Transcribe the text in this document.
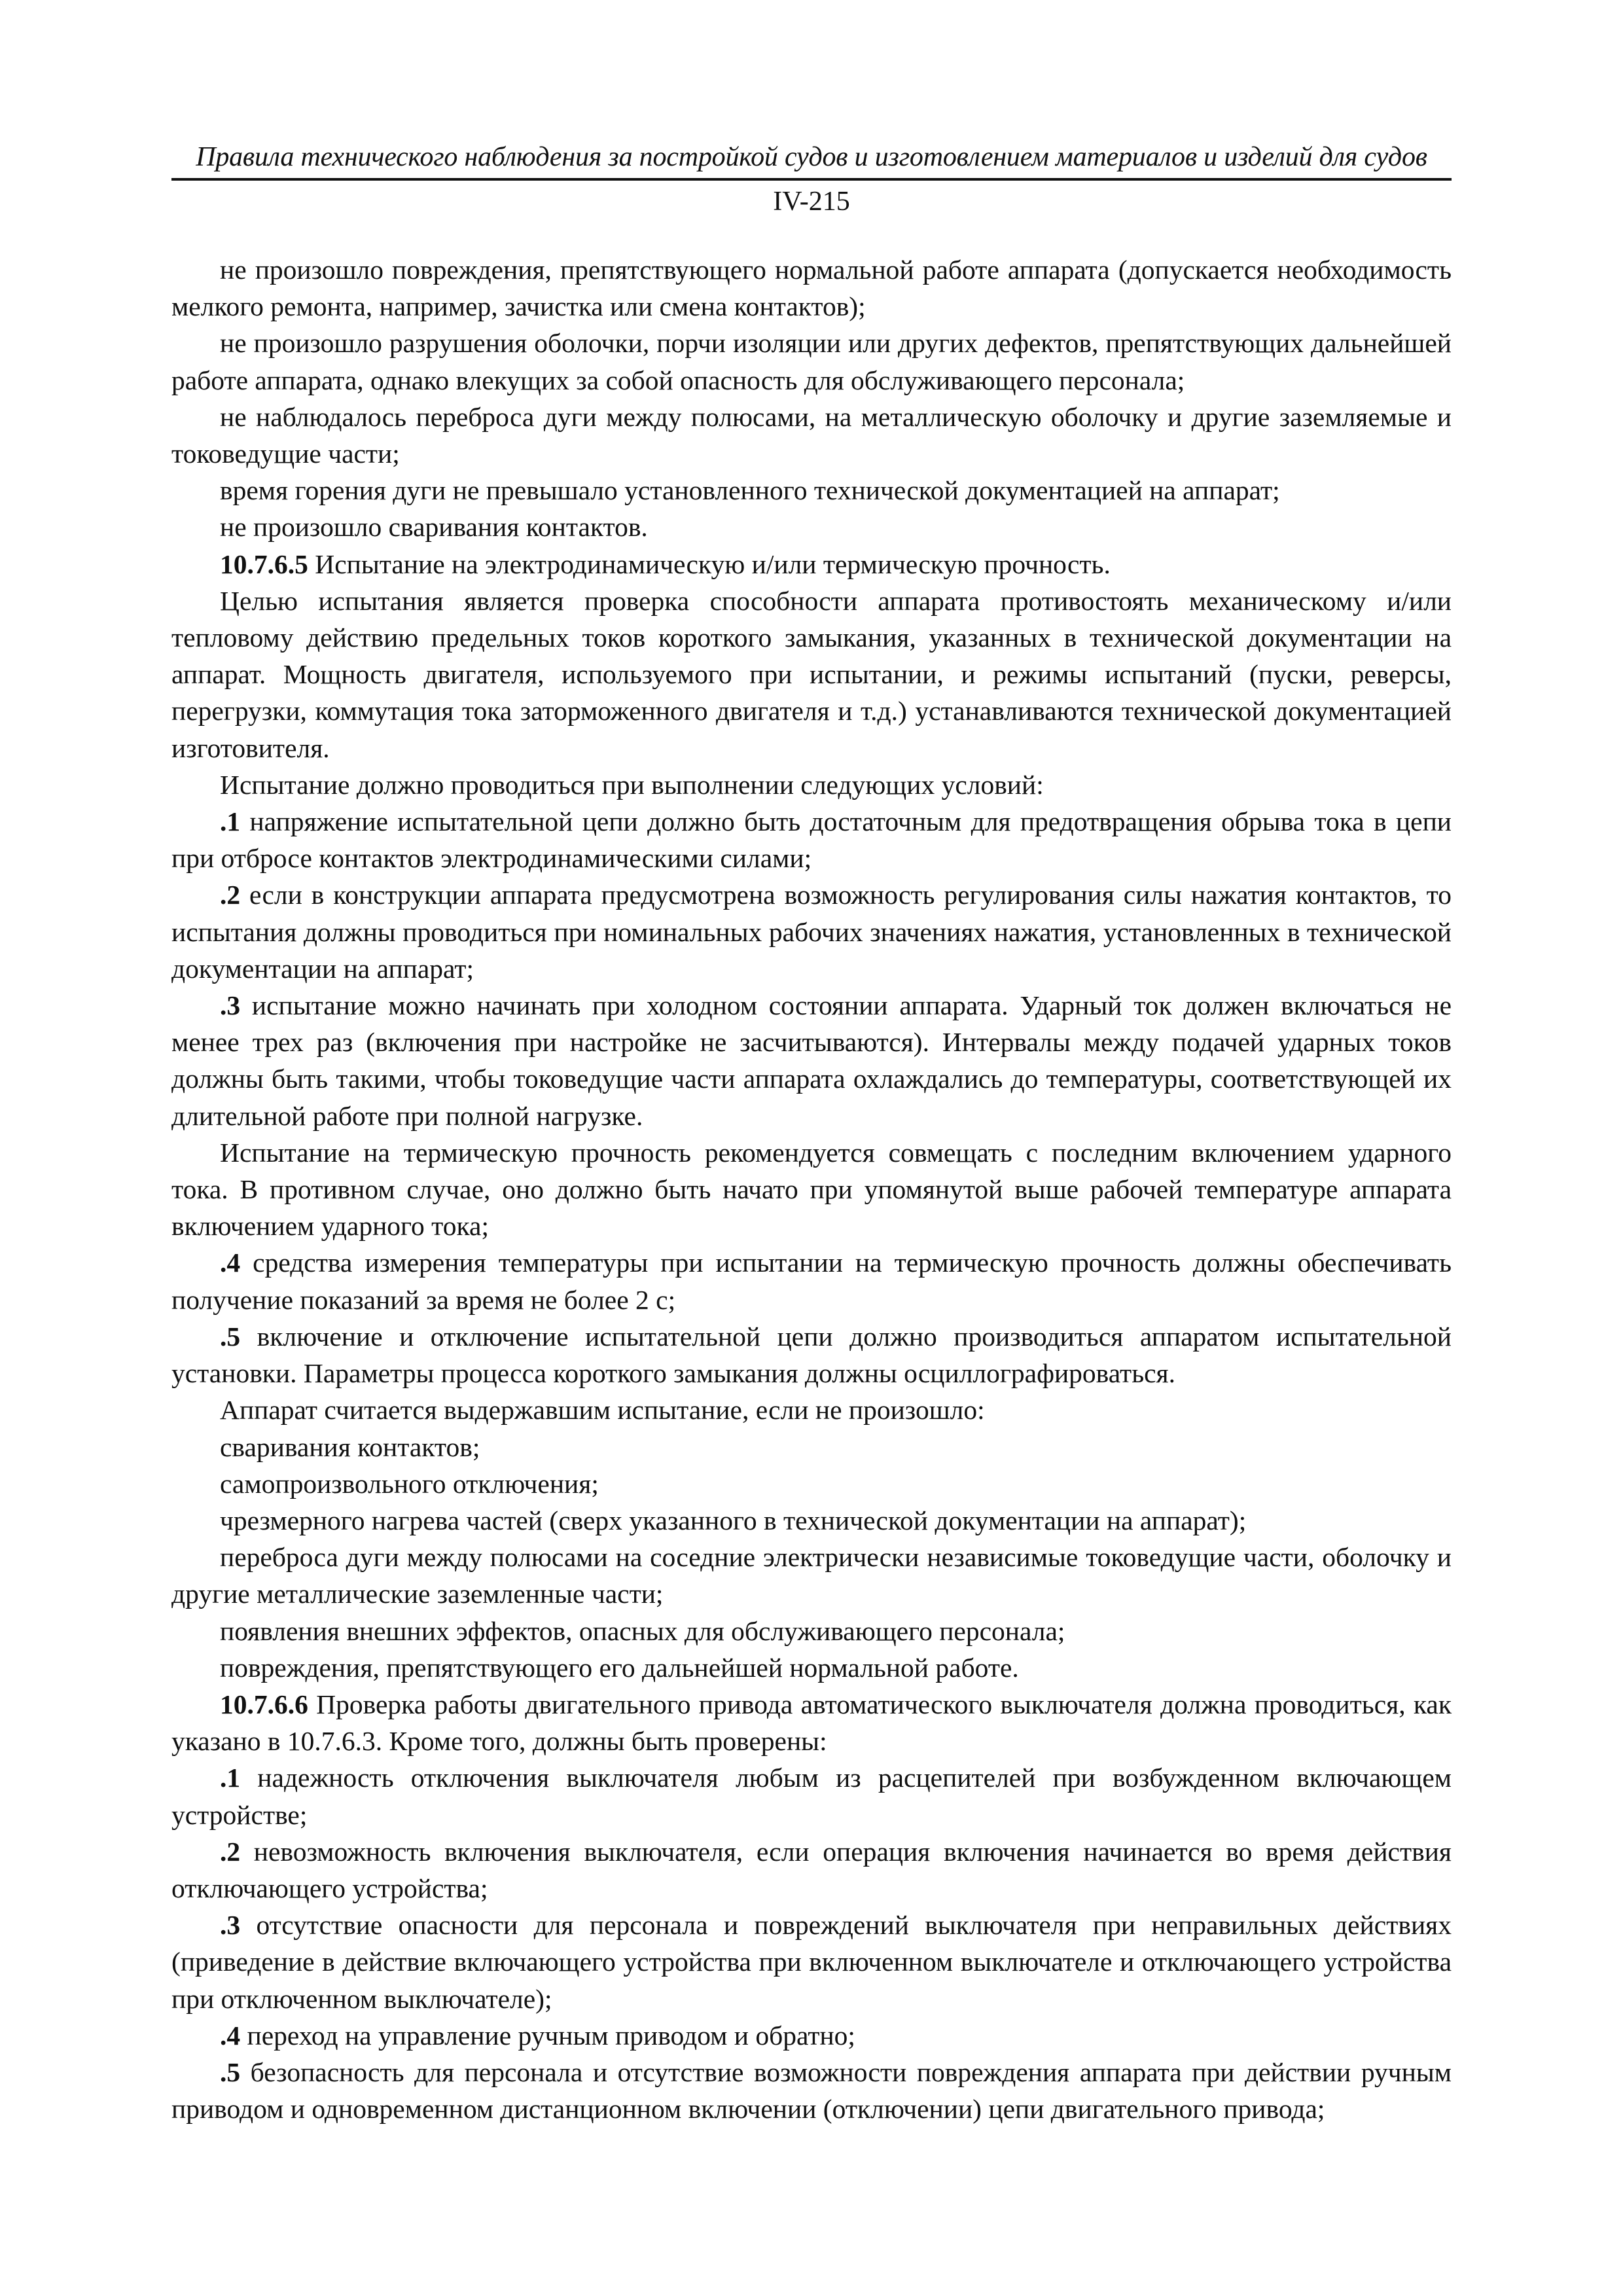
Правила технического наблюдения за постройкой судов и изготовлением материалов и изделий для судов
IV-215

не произошло повреждения, препятствующего нормальной работе аппарата (допускается необходимость мелкого ремонта, например, зачистка или смена контактов);

не произошло разрушения оболочки, порчи изоляции или других дефектов, препятствующих дальнейшей работе аппарата, однако влекущих за собой опасность для обслуживающего персонала;

не наблюдалось переброса дуги между полюсами, на металлическую оболочку и другие заземляемые и токоведущие части;

время горения дуги не превышало установленного технической документацией на аппарат;

не произошло сваривания контактов.

10.7.6.5 Испытание на электродинамическую и/или термическую прочность.

Целью испытания является проверка способности аппарата противостоять механическому и/или тепловому действию предельных токов короткого замыкания, указанных в технической документации на аппарат. Мощность двигателя, используемого при испытании, и режимы испытаний (пуски, реверсы, перегрузки, коммутация тока заторможенного двигателя и т.д.) устанавливаются технической документацией изготовителя.

Испытание должно проводиться при выполнении следующих условий:

.1 напряжение испытательной цепи должно быть достаточным для предотвращения обрыва тока в цепи при отбросе контактов электродинамическими силами;

.2 если в конструкции аппарата предусмотрена возможность регулирования силы нажатия контактов, то испытания должны проводиться при номинальных рабочих значениях нажатия, установленных в технической документации на аппарат;

.3 испытание можно начинать при холодном состоянии аппарата. Ударный ток должен включаться не менее трех раз (включения при настройке не засчитываются). Интервалы между подачей ударных токов должны быть такими, чтобы токоведущие части аппарата охлаждались до температуры, соответствующей их длительной работе при полной нагрузке.

Испытание на термическую прочность рекомендуется совмещать с последним включением ударного тока. В противном случае, оно должно быть начато при упомянутой выше рабочей температуре аппарата включением ударного тока;

.4 средства измерения температуры при испытании на термическую прочность должны обеспечивать получение показаний за время не более 2 с;

.5 включение и отключение испытательной цепи должно производиться аппаратом испытательной установки. Параметры процесса короткого замыкания должны осциллографироваться.

Аппарат считается выдержавшим испытание, если не произошло:

сваривания контактов;

самопроизвольного отключения;

чрезмерного нагрева частей (сверх указанного в технической документации на аппарат);

переброса дуги между полюсами на соседние электрически независимые токоведущие части, оболочку и другие металлические заземленные части;

появления внешних эффектов, опасных для обслуживающего персонала;

повреждения, препятствующего его дальнейшей нормальной работе.

10.7.6.6 Проверка работы двигательного привода автоматического выключателя должна проводиться, как указано в 10.7.6.3. Кроме того, должны быть проверены:

.1 надежность отключения выключателя любым из расцепителей при возбужденном включающем устройстве;

.2 невозможность включения выключателя, если операция включения начинается во время действия отключающего устройства;

.3 отсутствие опасности для персонала и повреждений выключателя при неправильных действиях (приведение в действие включающего устройства при включенном выключателе и отключающего устройства при отключенном выключателе);

.4 переход на управление ручным приводом и обратно;

.5 безопасность для персонала и отсутствие возможности повреждения аппарата при действии ручным приводом и одновременном дистанционном включении (отключении) цепи двигательного привода;
